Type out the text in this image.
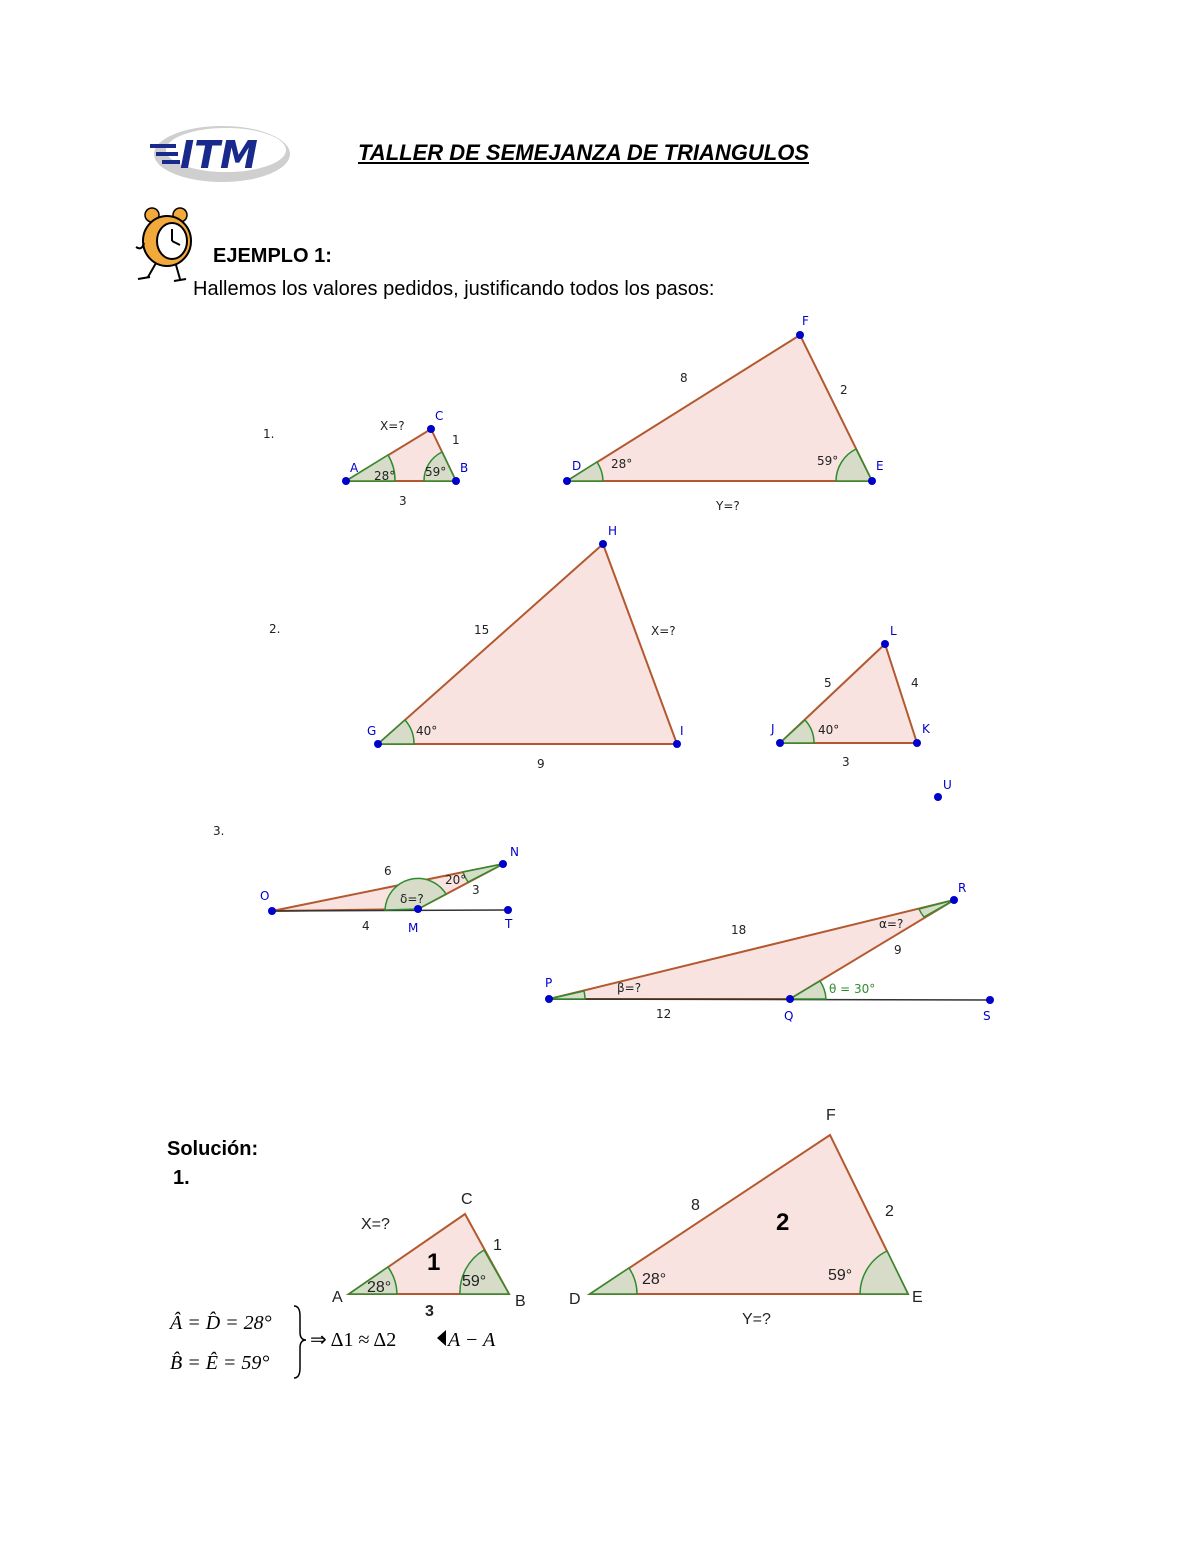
ITM	TALLER DE SEMEJANZA DE TRIANGULOS
EJEMPLO 1:
Hallemos los valores pedidos, justificando todos los pasos:
1.
A	B
C
28° 59°
X=?
1
3
D	E
F
28°	59°
8
2
Y=?
2.
G
H
I
40°
15	X=?
9
J	K
L
40°
5	4
3
U
3.
O
M
N
T
6
3
4
20°
δ=?
P
Q
R
S
18
9
12
α=?
β=?	θ = 30°
A	B
C
1
28°	59°
X=?
1
3
D	E
F
2
28°	59°
8	2
Y=?
Â = D̂ = 28°
B̂ = Ê = 59°
⇒ Δ1 ≈ Δ2	A − A
Solución:
1.
